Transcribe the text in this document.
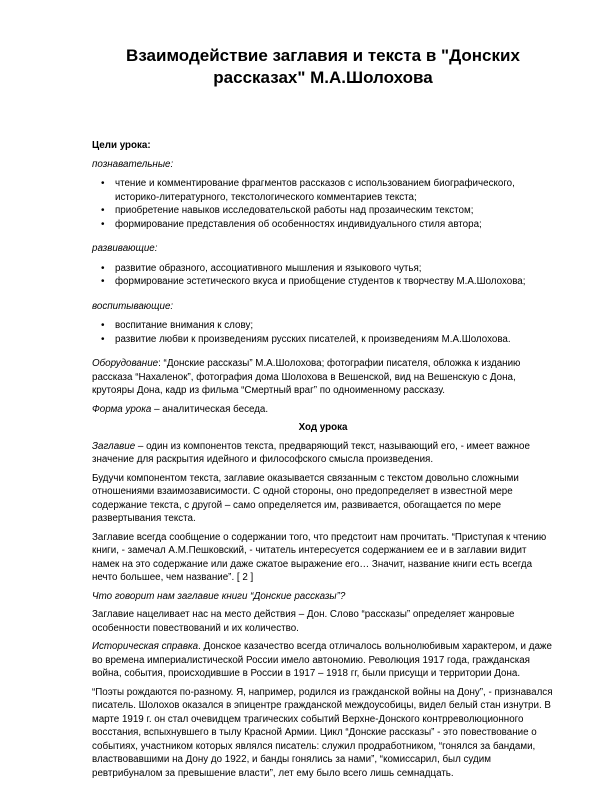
Взаимодействие заглавия и текста в "Донских рассказах" М.А.Шолохова

Цели урока:

познавательные:

• чтение и комментирование фрагментов рассказов с использованием биографического, историко-литературного, текстологического комментариев текста;
• приобретение навыков исследовательской работы над прозаическим текстом;
• формирование представления об особенностях индивидуального стиля автора;

развивающие:

• развитие образного, ассоциативного мышления и языкового чутья;
• формирование эстетического вкуса и приобщение студентов к творчеству М.А.Шолохова;

воспитывающие:

• воспитание внимания к слову;
• развитие любви к произведениям русских писателей, к произведениям М.А.Шолохова.

Оборудование: “Донские рассказы” М.А.Шолохова; фотографии писателя, обложка к изданию рассказа “Нахаленок”, фотография дома Шолохова в Вешенской, вид на Вешенскую с Дона, крутояры Дона, кадр из фильма “Смертный враг” по одноименному рассказу.

Форма урока – аналитическая беседа.

Ход урока

Заглавие – один из компонентов текста, предваряющий текст, называющий его, - имеет важное значение для раскрытия идейного и философского смысла произведения.

Будучи компонентом текста, заглавие оказывается связанным с текстом довольно сложными отношениями взаимозависимости. С одной стороны, оно предопределяет в известной мере содержание текста, с другой – само определяется им, развивается, обогащается по мере развертывания текста.

Заглавие всегда сообщение о содержании того, что предстоит нам прочитать. “Приступая к чтению книги, - замечал А.М.Пешковский, - читатель интересуется содержанием ее и в заглавии видит намек на это содержание или даже сжатое выражение его… Значит, название книги есть всегда нечто большее, чем название”. [ 2 ]

Что говорит нам заглавие книги “Донские рассказы”?

Заглавие нацеливает нас на место действия – Дон. Слово “рассказы” определяет жанровые особенности повествований и их количество.

Историческая справка. Донское казачество всегда отличалось вольнолюбивым характером, и даже во времена империалистической России имело автономию. Революция 1917 года, гражданская война, события, происходившие в России в 1917 – 1918 гг, были присущи и территории Дона.

“Поэты рождаются по-разному. Я, например, родился из гражданской войны на Дону”, - признавался писатель. Шолохов оказался в эпицентре гражданской междоусобицы, видел белый стан изнутри. В марте 1919 г. он стал очевидцем трагических событий Верхне-Донского контрреволюционного восстания, вспыхнувшего в тылу Красной Армии. Цикл “Донские рассказы” - это повествование о событиях, участником которых являлся писатель: служил продработником, “гонялся за бандами, властвовавшими на Дону до 1922, и банды гонялись за нами”, “комиссарил, был судим ревтрибуналом за превышение власти”, лет ему было всего лишь семнадцать.
